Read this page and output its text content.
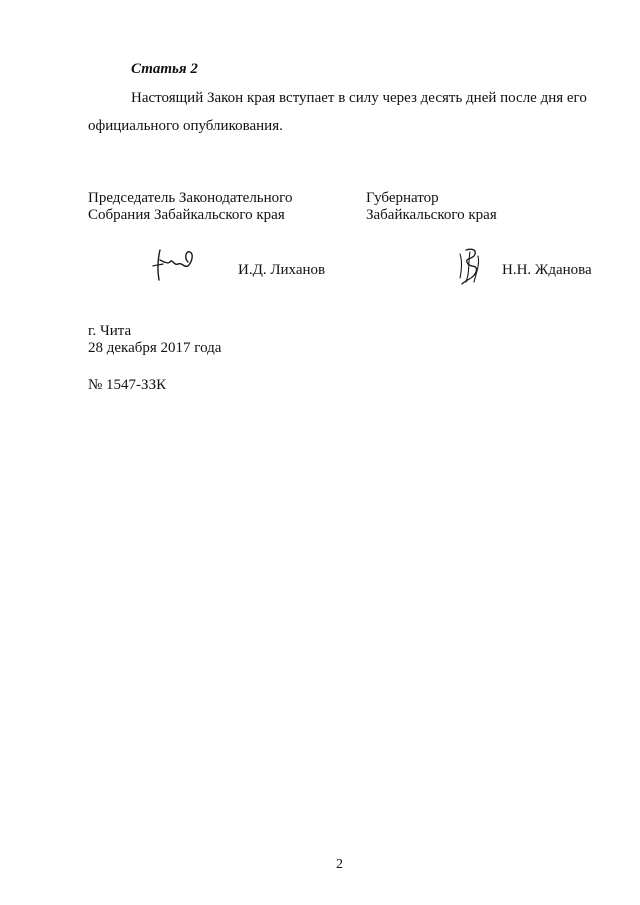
Статья 2
Настоящий Закон края вступает в силу через десять дней после дня его
официального опубликования.
Председатель Законодательного
Собрания Забайкальского края
Губернатор
Забайкальского края
И.Д. Лиханов	Н.Н. Жданова
г. Чита
28 декабря 2017 года
№ 1547-ЗЗК
2
